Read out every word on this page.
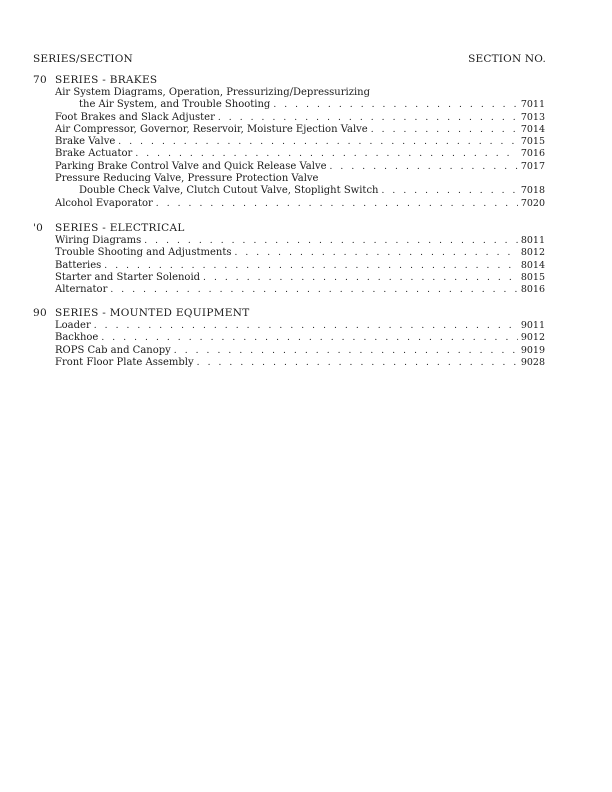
SERIES/SECTION	SECTION NO.
70 SERIES - BRAKES
Air System Diagrams, Operation, Pressurizing/Depressurizing
the Air System, and Trouble Shooting . . .	7011
Foot Brakes and Slack Adjuster . . .	7013
Air Compressor, Governor, Reservoir, Moisture Ejection Valve . . .	7014
Brake Valve . . .	7015
Brake Actuator . . .	7016
Parking Brake Control Valve and Quick Release Valve . . .	7017
Pressure Reducing Valve, Pressure Protection Valve
Double Check Valve, Clutch Cutout Valve, Stoplight Switch . . .	7018
Alcohol Evaporator . . .	7020
'0	SERIES - ELECTRICAL
Wiring Diagrams . . .	8011
Trouble Shooting and Adjustments . . .	8012
Batteries . . .	8014
Starter and Starter Solenoid . . .	8015
Alternator . . .	8016
90 SERIES - MOUNTED EQUIPMENT
Loader . . .	9011
Backhoe . . .	9012
ROPS Cab and Canopy . . .	9019
Front Floor Plate Assembly . . .	9028
